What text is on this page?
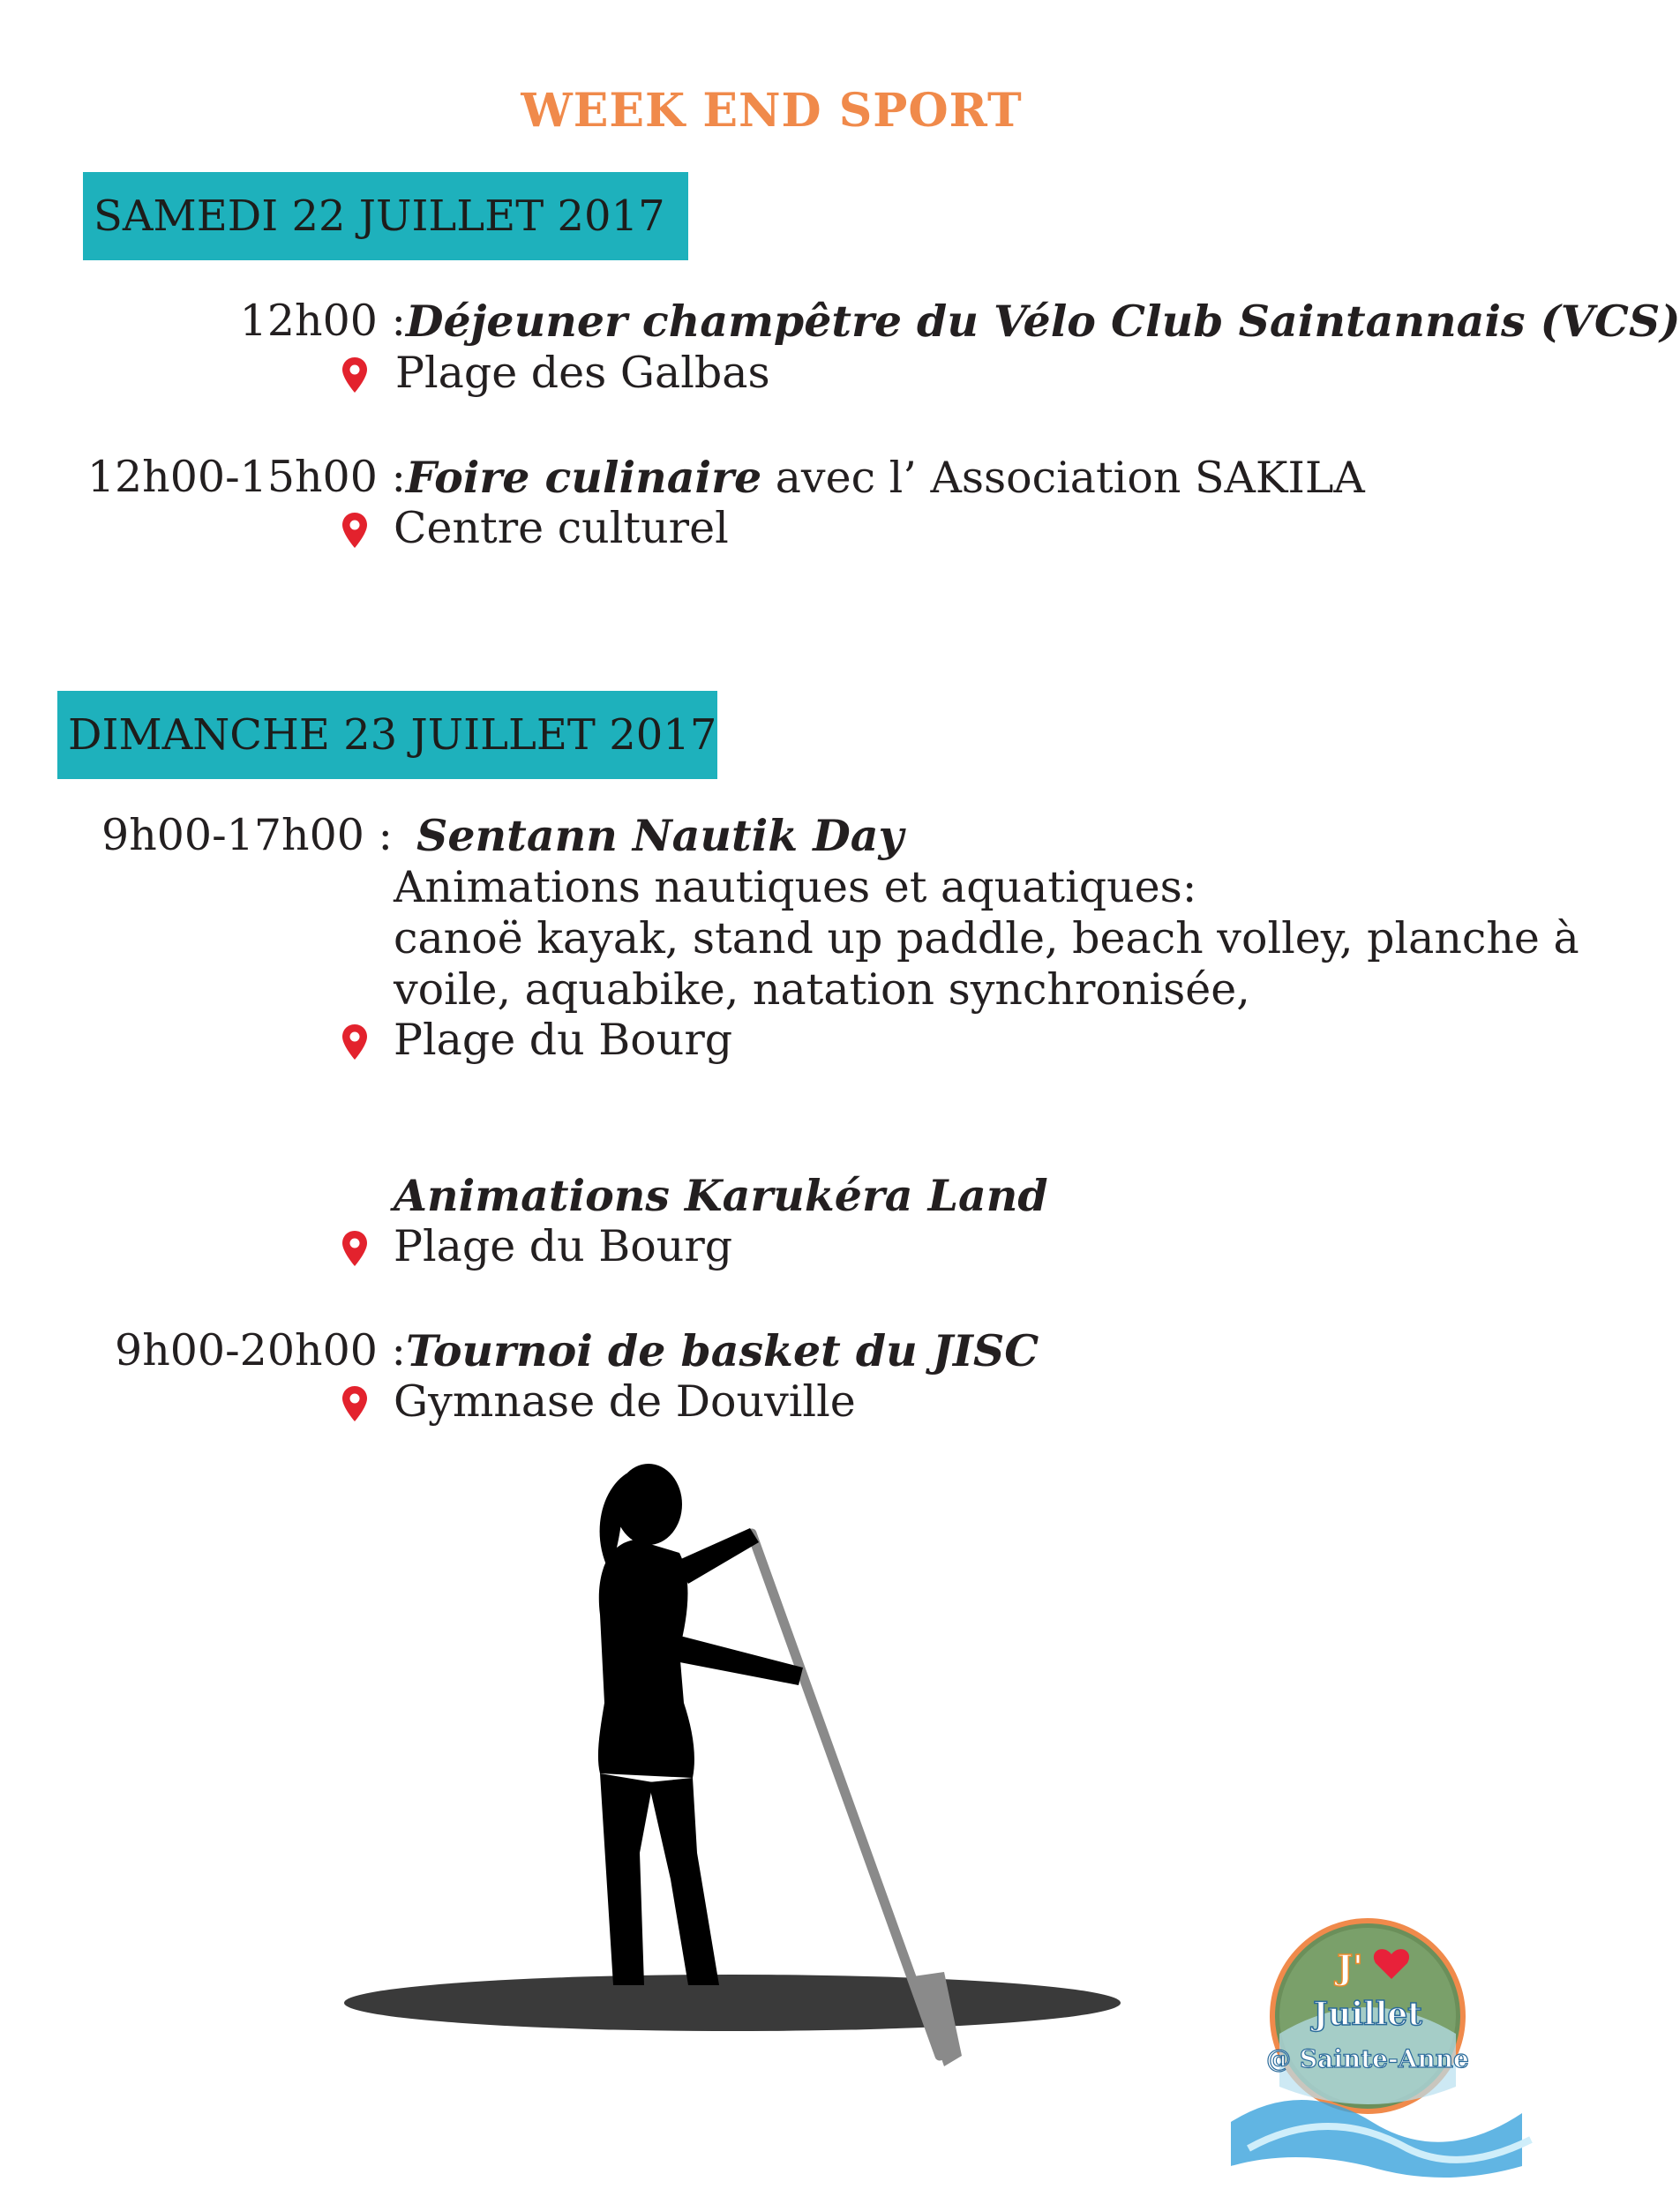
WEEK END SPORT
SAMEDI 22 JUILLET 2017
12h00 : Déjeuner champêtre du Vélo Club Saintannais (VCS)
Plage des Galbas
12h00-15h00 : Foire culinaire avec l’ Association SAKILA
Centre culturel
DIMANCHE 23 JUILLET 2017
9h00-17h00 : Sentann Nautik Day
Animations nautiques et aquatiques:
canoë kayak, stand up paddle, beach volley, planche à
voile, aquabike, natation synchronisée,
Plage du Bourg
Animations Karukéra Land
Plage du Bourg
9h00-20h00 : Tournoi de basket du JISC
Gymnase de Douville
J'
Juillet
@ Sainte-Anne
